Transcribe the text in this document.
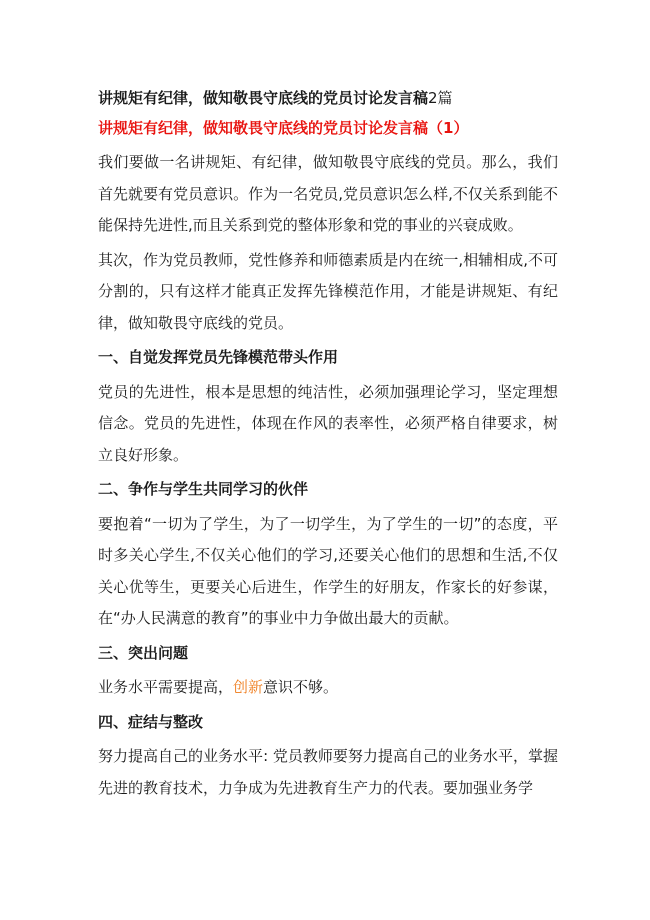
讲规矩有纪律，做知敬畏守底线的党员讨论发言稿2篇
讲规矩有纪律，做知敬畏守底线的党员讨论发言稿（1）

我们要做一名讲规矩、有纪律，做知敬畏守底线的党员。那么，我们首先就要有党员意识。作为一名党员,党员意识怎么样,不仅关系到能不能保持先进性,而且关系到党的整体形象和党的事业的兴衰成败。

其次，作为党员教师，党性修养和师德素质是内在统一,相辅相成,不可分割的，只有这样才能真正发挥先锋模范作用，才能是讲规矩、有纪律，做知敬畏守底线的党员。

一、自觉发挥党员先锋模范带头作用

党员的先进性，根本是思想的纯洁性，必须加强理论学习，坚定理想信念。党员的先进性，体现在作风的表率性，必须严格自律要求，树立良好形象。

二、争作与学生共同学习的伙伴

要抱着“一切为了学生，为了一切学生，为了学生的一切”的态度，平时多关心学生,不仅关心他们的学习,还要关心他们的思想和生活,不仅关心优等生，更要关心后进生，作学生的好朋友，作家长的好参谋，在“办人民满意的教育”的事业中力争做出最大的贡献。

三、突出问题

业务水平需要提高，创新意识不够。

四、症结与整改

努力提高自己的业务水平: 党员教师要努力提高自己的业务水平，掌握先进的教育技术，力争成为先进教育生产力的代表。要加强业务学
